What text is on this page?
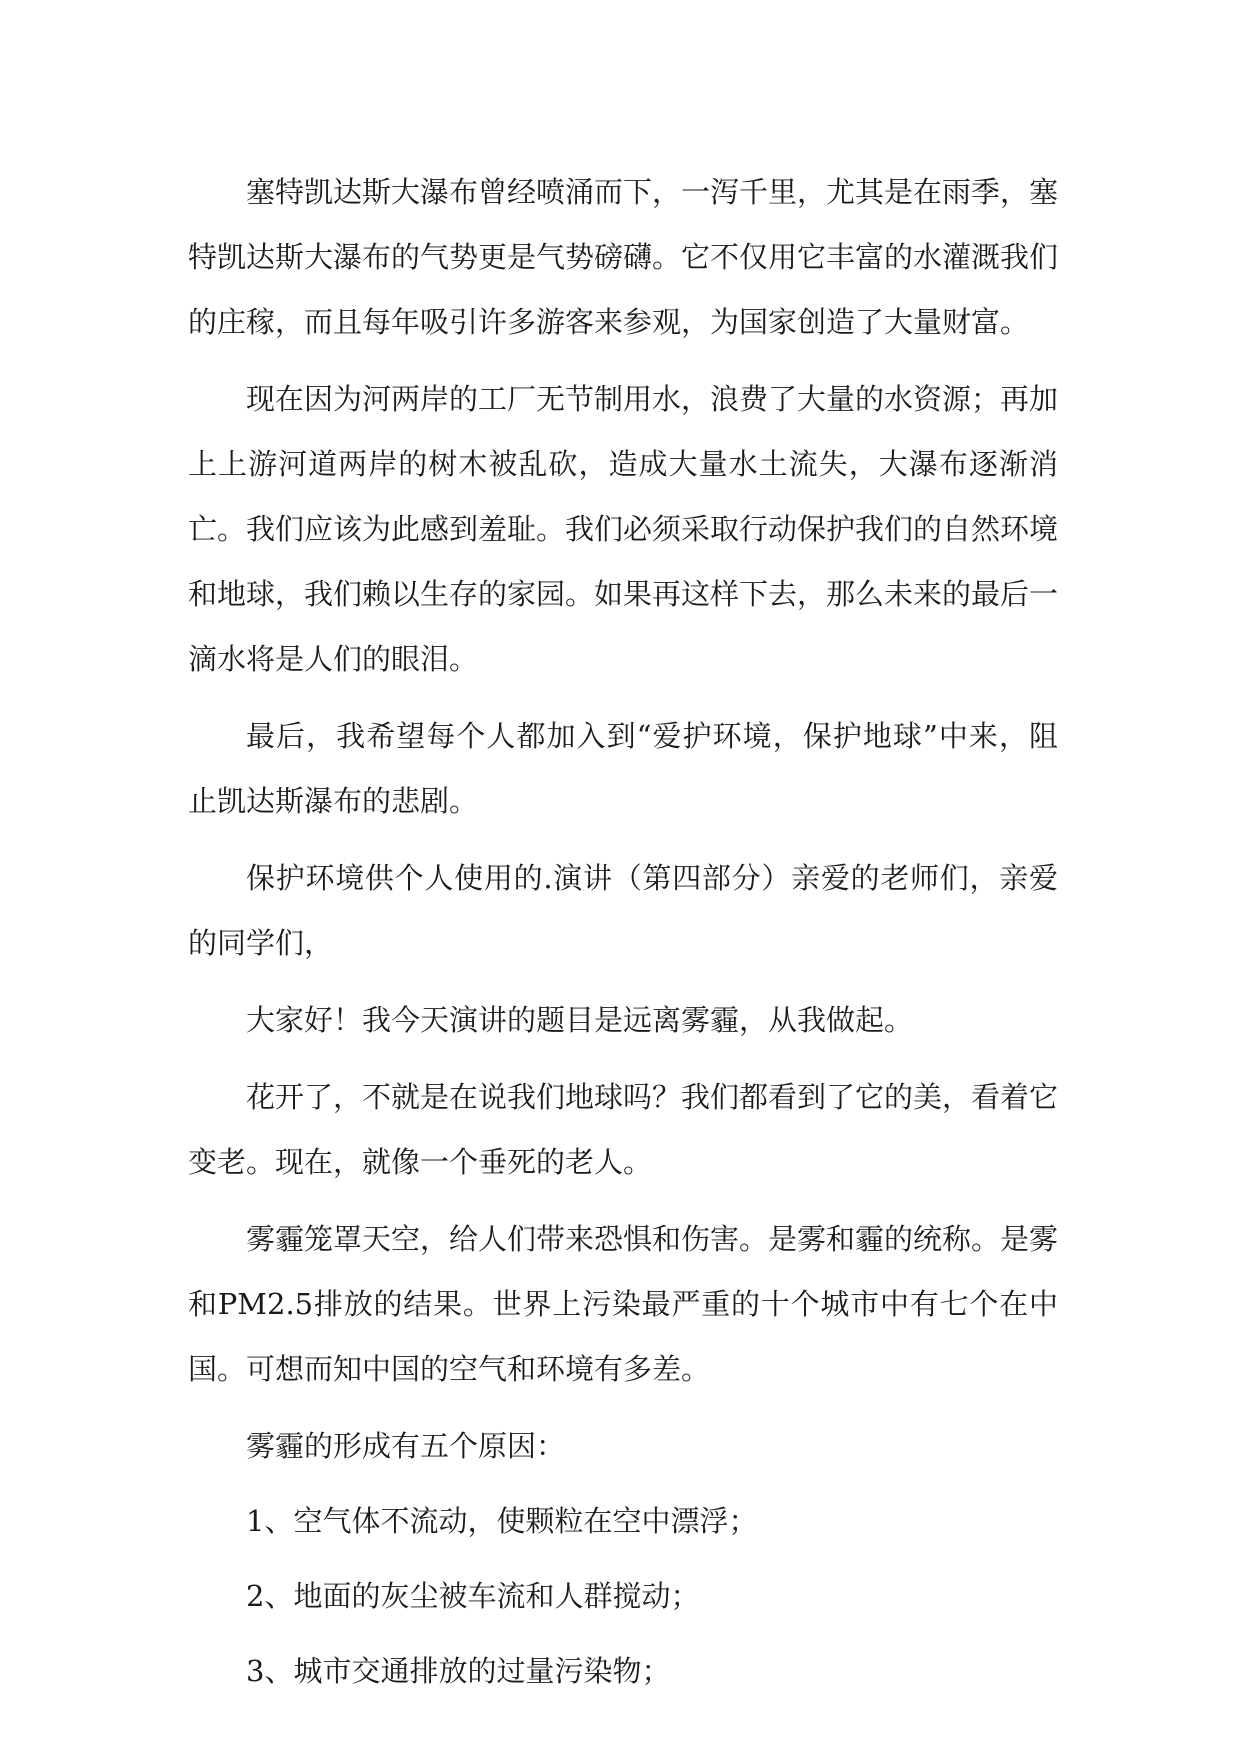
塞特凯达斯大瀑布曾经喷涌而下，一泻千里，尤其是在雨季，塞特凯达斯大瀑布的气势更是气势磅礴。它不仅用它丰富的水灌溉我们的庄稼，而且每年吸引许多游客来参观，为国家创造了大量财富。

现在因为河两岸的工厂无节制用水，浪费了大量的水资源；再加上上游河道两岸的树木被乱砍，造成大量水土流失，大瀑布逐渐消亡。我们应该为此感到羞耻。我们必须采取行动保护我们的自然环境和地球，我们赖以生存的家园。如果再这样下去，那么未来的最后一滴水将是人们的眼泪。

最后，我希望每个人都加入到“爱护环境，保护地球”中来，阻止凯达斯瀑布的悲剧。

保护环境供个人使用的.演讲（第四部分）亲爱的老师们，亲爱的同学们，

大家好！我今天演讲的题目是远离雾霾，从我做起。

花开了，不就是在说我们地球吗？我们都看到了它的美，看着它变老。现在，就像一个垂死的老人。

雾霾笼罩天空，给人们带来恐惧和伤害。是雾和霾的统称。是雾和PM2.5排放的结果。世界上污染最严重的十个城市中有七个在中国。可想而知中国的空气和环境有多差。

雾霾的形成有五个原因：

1、空气体不流动，使颗粒在空中漂浮；

2、地面的灰尘被车流和人群搅动；

3、城市交通排放的过量污染物；
